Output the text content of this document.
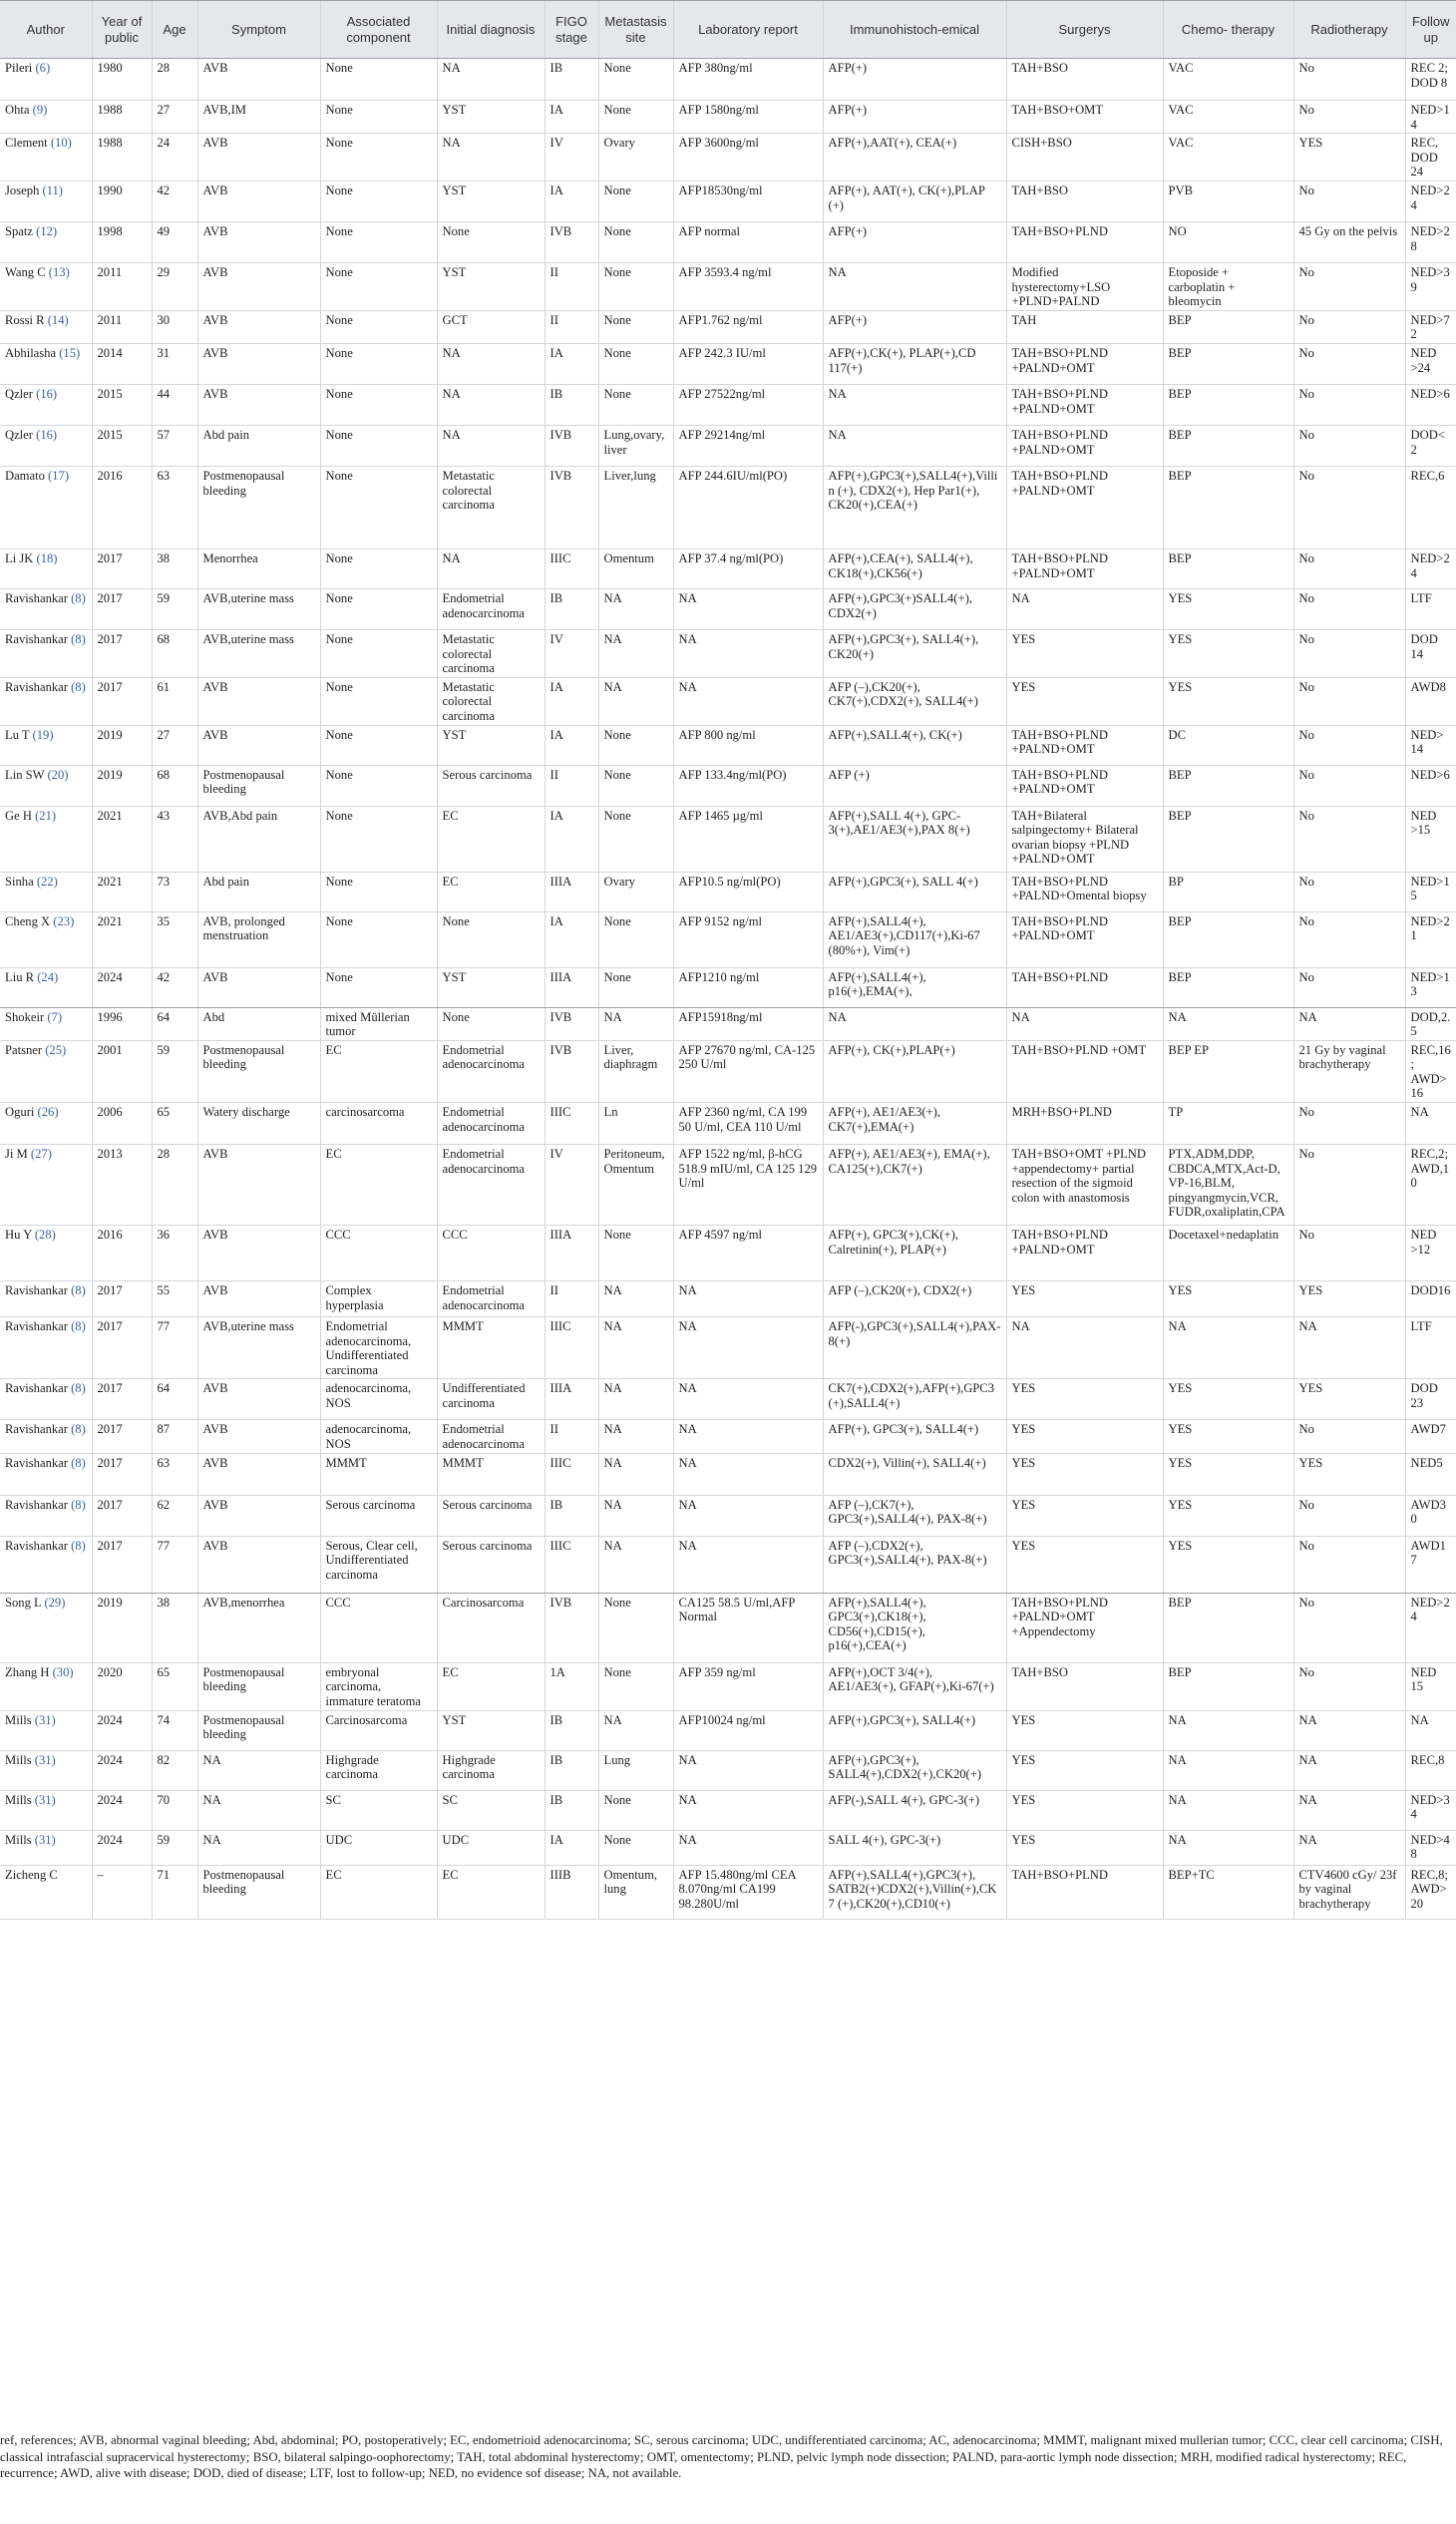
Author	Year of public	Age	Symptom	Associated component	Initial diagnosis	FIGO stage	Metastasis site	Laboratory report	Immunohistoch-emical	Surgerys	Chemo- therapy	Radiotherapy	Follow up
Pileri (6)	1980	28	AVB	None	NA	IB	None	AFP 380ng/ml	AFP(+)	TAH+BSO	VAC	No	REC 2; DOD 8
Ohta (9)	1988	27	AVB,IM	None	YST	IA	None	AFP 1580ng/ml	AFP(+)	TAH+BSO+OMT	VAC	No	NED>14
Clement (10)	1988	24	AVB	None	NA	IV	Ovary	AFP 3600ng/ml	AFP(+),AAT(+), CEA(+)	CISH+BSO	VAC	YES	REC, DOD 24
Joseph (11)	1990	42	AVB	None	YST	IA	None	AFP18530ng/ml	AFP(+), AAT(+), CK(+),PLAP (+)	TAH+BSO	PVB	No	NED>24
Spatz (12)	1998	49	AVB	None	None	IVB	None	AFP normal	AFP(+)	TAH+BSO+PLND	NO	45 Gy on the pelvis	NED>28
Wang C (13)	2011	29	AVB	None	YST	II	None	AFP 3593.4 ng/ml	NA	Modified hysterectomy+LSO +PLND+PALND	Etoposide + carboplatin + bleomycin	No	NED>39
Rossi R (14)	2011	30	AVB	None	GCT	II	None	AFP1.762 ng/ml	AFP(+)	TAH	BEP	No	NED>72
Abhilasha (15)	2014	31	AVB	None	NA	IA	None	AFP 242.3 IU/ml	AFP(+),CK(+), PLAP(+),CD 117(+)	TAH+BSO+PLND +PALND+OMT	BEP	No	NED >24
Qzler (16)	2015	44	AVB	None	NA	IB	None	AFP 27522ng/ml	NA	TAH+BSO+PLND +PALND+OMT	BEP	No	NED>6
Qzler (16)	2015	57	Abd pain	None	NA	IVB	Lung,ovary, liver	AFP 29214ng/ml	NA	TAH+BSO+PLND +PALND+OMT	BEP	No	DOD<2
Damato (17)	2016	63	Postmenopausal bleeding	None	Metastatic colorectal carcinoma	IVB	Liver,lung	AFP 244.6IU/ml(PO)	AFP(+),GPC3(+),SALL4(+),Villin (+), CDX2(+), Hep Par1(+), CK20(+),CEA(+)	TAH+BSO+PLND +PALND+OMT	BEP	No	REC,6
Li JK (18)	2017	38	Menorrhea	None	NA	IIIC	Omentum	AFP 37.4 ng/ml(PO)	AFP(+),CEA(+), SALL4(+), CK18(+),CK56(+)	TAH+BSO+PLND +PALND+OMT	BEP	No	NED>24
Ravishankar (8)	2017	59	AVB,uterine mass	None	Endometrial adenocarcinoma	IB	NA	NA	AFP(+),GPC3(+)SALL4(+), CDX2(+)	NA	YES	No	LTF
Ravishankar (8)	2017	68	AVB,uterine mass	None	Metastatic colorectal carcinoma	IV	NA	NA	AFP(+),GPC3(+), SALL4(+), CK20(+)	YES	YES	No	DOD 14
Ravishankar (8)	2017	61	AVB	None	Metastatic colorectal carcinoma	IA	NA	NA	AFP (–),CK20(+), CK7(+),CDX2(+), SALL4(+)	YES	YES	No	AWD8
Lu T (19)	2019	27	AVB	None	YST	IA	None	AFP 800 ng/ml	AFP(+),SALL4(+), CK(+)	TAH+BSO+PLND +PALND+OMT	DC	No	NED> 14
Lin SW (20)	2019	68	Postmenopausal bleeding	None	Serous carcinoma	II	None	AFP 133.4ng/ml(PO)	AFP (+)	TAH+BSO+PLND +PALND+OMT	BEP	No	NED>6
Ge H (21)	2021	43	AVB,Abd pain	None	EC	IA	None	AFP 1465 µg/ml	AFP(+),SALL 4(+), GPC-3(+),AE1/AE3(+),PAX 8(+)	TAH+Bilateral salpingectomy+ Bilateral ovarian biopsy +PLND +PALND+OMT	BEP	No	NED >15
Sinha (22)	2021	73	Abd pain	None	EC	IIIA	Ovary	AFP10.5 ng/ml(PO)	AFP(+),GPC3(+), SALL 4(+)	TAH+BSO+PLND +PALND+Omental biopsy	BP	No	NED>15
Cheng X (23)	2021	35	AVB, prolonged menstruation	None	None	IA	None	AFP 9152 ng/ml	AFP(+),SALL4(+), AE1/AE3(+),CD117(+),Ki-67 (80%+), Vim(+)	TAH+BSO+PLND +PALND+OMT	BEP	No	NED>21
Liu R (24)	2024	42	AVB	None	YST	IIIA	None	AFP1210 ng/ml	AFP(+),SALL4(+), p16(+),EMA(+),	TAH+BSO+PLND	BEP	No	NED>13
Shokeir (7)	1996	64	Abd	mixed Müllerian tumor	None	IVB	NA	AFP15918ng/ml	NA	NA	NA	NA	DOD,2.5
Patsner (25)	2001	59	Postmenopausal bleeding	EC	Endometrial adenocarcinoma	IVB	Liver, diaphragm	AFP 27670 ng/ml, CA-125 250 U/ml	AFP(+), CK(+),PLAP(+)	TAH+BSO+PLND +OMT	BEP EP	21 Gy by vaginal brachytherapy	REC,16; AWD>16
Oguri (26)	2006	65	Watery discharge	carcinosarcoma	Endometrial adenocarcinoma	IIIC	Ln	AFP 2360 ng/ml, CA 199 50 U/ml, CEA 110 U/ml	AFP(+), AE1/AE3(+), CK7(+),EMA(+)	MRH+BSO+PLND	TP	No	NA
Ji M (27)	2013	28	AVB	EC	Endometrial adenocarcinoma	IV	Peritoneum, Omentum	AFP 1522 ng/ml, β-hCG 518.9 mIU/ml, CA 125 129 U/ml	AFP(+), AE1/AE3(+), EMA(+), CA125(+),CK7(+)	TAH+BSO+OMT +PLND +appendectomy+ partial resection of the sigmoid colon with anastomosis	PTX,ADM,DDP, CBDCA,MTX,Act-D, VP-16,BLM, pingyangmycin,VCR, FUDR,oxaliplatin,CPA	No	REC,2; AWD,10
Hu Y (28)	2016	36	AVB	CCC	CCC	IIIA	None	AFP 4597 ng/ml	AFP(+), GPC3(+),CK(+), Calretinin(+), PLAP(+)	TAH+BSO+PLND +PALND+OMT	Docetaxel+nedaplatin	No	NED >12
Ravishankar (8)	2017	55	AVB	Complex hyperplasia	Endometrial adenocarcinoma	II	NA	NA	AFP (–),CK20(+), CDX2(+)	YES	YES	YES	DOD16
Ravishankar (8)	2017	77	AVB,uterine mass	Endometrial adenocarcinoma, Undifferentiated carcinoma	MMMT	IIIC	NA	NA	AFP(-),GPC3(+),SALL4(+),PAX-8(+)	NA	NA	NA	LTF
Ravishankar (8)	2017	64	AVB	adenocarcinoma, NOS	Undifferentiated carcinoma	IIIA	NA	NA	CK7(+),CDX2(+),AFP(+),GPC3 (+),SALL4(+)	YES	YES	YES	DOD 23
Ravishankar (8)	2017	87	AVB	adenocarcinoma, NOS	Endometrial adenocarcinoma	II	NA	NA	AFP(+), GPC3(+), SALL4(+)	YES	YES	No	AWD7
Ravishankar (8)	2017	63	AVB	MMMT	MMMT	IIIC	NA	NA	CDX2(+), Villin(+), SALL4(+)	YES	YES	YES	NED5
Ravishankar (8)	2017	62	AVB	Serous carcinoma	Serous carcinoma	IB	NA	NA	AFP (–),CK7(+), GPC3(+),SALL4(+), PAX-8(+)	YES	YES	No	AWD30
Ravishankar (8)	2017	77	AVB	Serous, Clear cell, Undifferentiated carcinoma	Serous carcinoma	IIIC	NA	NA	AFP (–),CDX2(+), GPC3(+),SALL4(+), PAX-8(+)	YES	YES	No	AWD17
Song L (29)	2019	38	AVB,menorrhea	CCC	Carcinosarcoma	IVB	None	CA125 58.5 U/ml,AFP Normal	AFP(+),SALL4(+), GPC3(+),CK18(+), CD56(+),CD15(+), p16(+),CEA(+)	TAH+BSO+PLND +PALND+OMT +Appendectomy	BEP	No	NED>24
Zhang H (30)	2020	65	Postmenopausal bleeding	embryonal carcinoma, immature teratoma	EC	1A	None	AFP 359 ng/ml	AFP(+),OCT 3/4(+), AE1/AE3(+), GFAP(+),Ki-67(+)	TAH+BSO	BEP	No	NED 15
Mills (31)	2024	74	Postmenopausal bleeding	Carcinosarcoma	YST	IB	NA	AFP10024 ng/ml	AFP(+),GPC3(+), SALL4(+)	YES	NA	NA	NA
Mills (31)	2024	82	NA	Highgrade carcinoma	Highgrade carcinoma	IB	Lung	NA	AFP(+),GPC3(+), SALL4(+),CDX2(+),CK20(+)	YES	NA	NA	REC,8
Mills (31)	2024	70	NA	SC	SC	IB	None	NA	AFP(-),SALL 4(+), GPC-3(+)	YES	NA	NA	NED>34
Mills (31)	2024	59	NA	UDC	UDC	IA	None	NA	SALL 4(+), GPC-3(+)	YES	NA	NA	NED>48
Zicheng C	–	71	Postmenopausal bleeding	EC	EC	IIIB	Omentum, lung	AFP 15.480ng/ml CEA 8.070ng/ml CA199 98.280U/ml	AFP(+),SALL4(+),GPC3(+), SATB2(+)CDX2(+),Villin(+),CK7 (+),CK20(+),CD10(+)	TAH+BSO+PLND	BEP+TC	CTV4600 cGy/ 23f by vaginal brachytherapy	REC,8; AWD>20
ref, references; AVB, abnormal vaginal bleeding; Abd, abdominal; PO, postoperatively; EC, endometrioid adenocarcinoma; SC, serous carcinoma; UDC, undifferentiated carcinoma; AC, adenocarcinoma; MMMT, malignant mixed mullerian tumor; CCC, clear cell carcinoma; CISH, classical intrafascial supracervical hysterectomy; BSO, bilateral salpingo-oophorectomy; TAH, total abdominal hysterectomy; OMT, omentectomy; PLND, pelvic lymph node dissection; PALND, para-aortic lymph node dissection; MRH, modified radical hysterectomy; REC, recurrence; AWD, alive with disease; DOD, died of disease; LTF, lost to follow-up; NED, no evidence sof disease; NA, not available.
